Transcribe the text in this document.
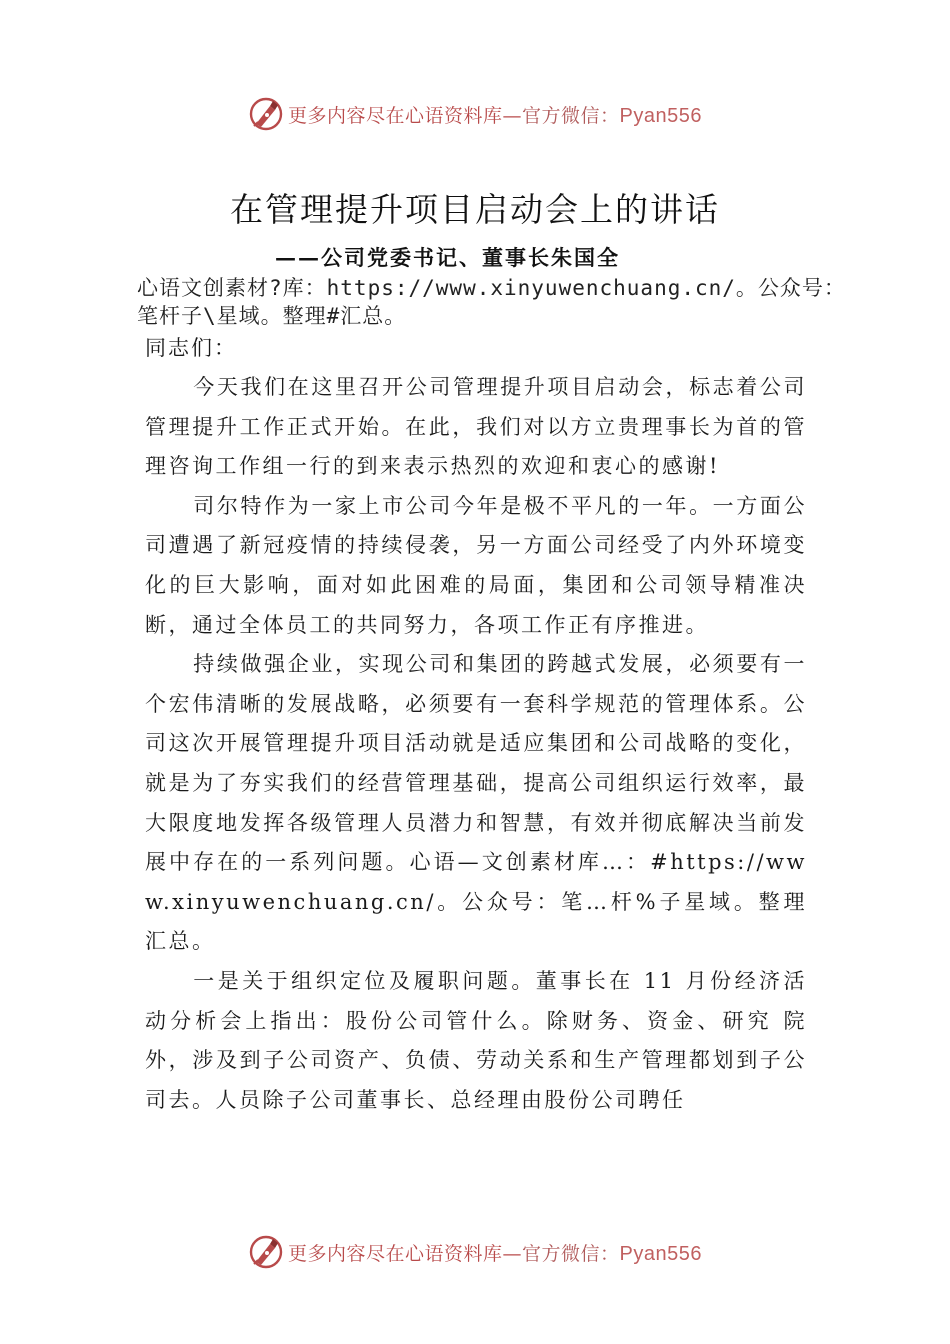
更多内容尽在心语资料库—官方微信：Pyan556
在管理提升项目启动会上的讲话
——公司党委书记、董事长朱国全
心语文创素材?库：https://www.xinyuwenchuang.cn/。公众号：笔杆子\星域。整理#汇总。
同志们：

今天我们在这里召开公司管理提升项目启动会，标志着公司管理提升工作正式开始。在此，我们对以方立贵理事长为首的管理咨询工作组一行的到来表示热烈的欢迎和衷心的感谢!

司尔特作为一家上市公司今年是极不平凡的一年。一方面公司遭遇了新冠疫情的持续侵袭，另一方面公司经受了内外环境变化的巨大影响，面对如此困难的局面，集团和公司领导精准决断，通过全体员工的共同努力，各项工作正有序推进。

持续做强企业，实现公司和集团的跨越式发展，必须要有一个宏伟清晰的发展战略，必须要有一套科学规范的管理体系。公司这次开展管理提升项目活动就是适应集团和公司战略的变化，就是为了夯实我们的经营管理基础，提高公司组织运行效率，最大限度地发挥各级管理人员潜力和智慧，有效并彻底解决当前发展中存在的一系列问题。心语—文创素材库…：#https://www.xinyuwenchuang.cn/。公众号：笔…杆%子星域。整理汇总。

一是关于组织定位及履职问题。董事长在 11 月份经济活动分析会上指出：股份公司管什么。除财务、资金、研究 院外，涉及到子公司资产、负债、劳动关系和生产管理都划到子公司去。人员除子公司董事长、总经理由股份公司聘任

更多内容尽在心语资料库—官方微信：Pyan556
